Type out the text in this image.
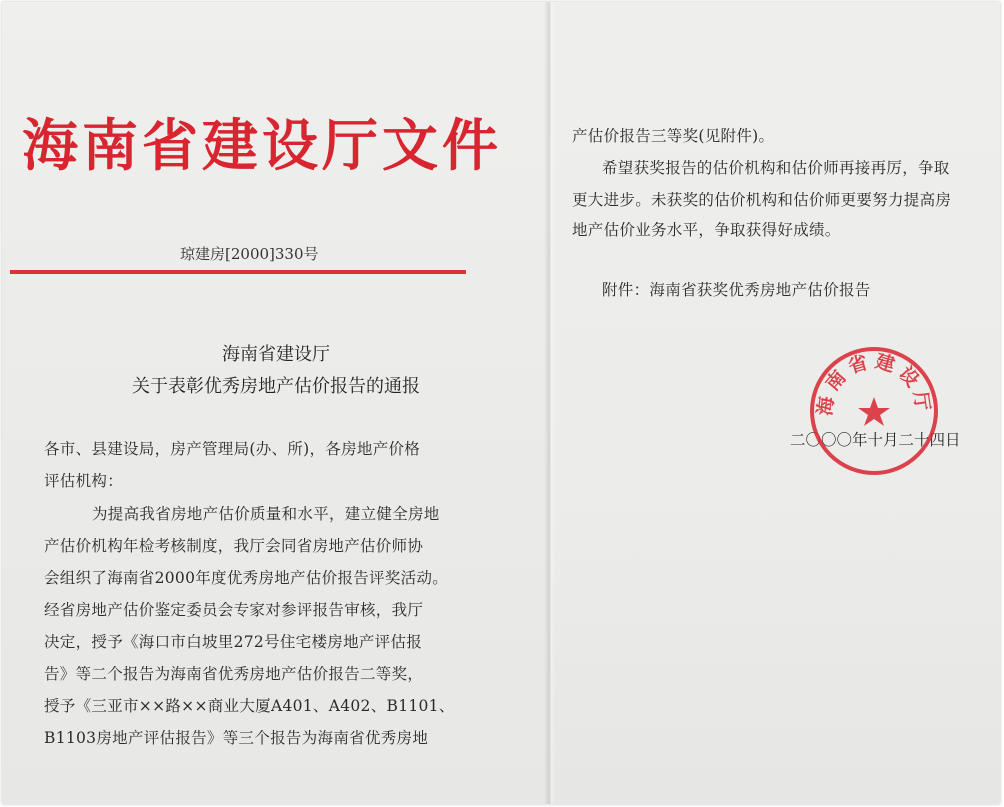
海南省建设厅文件
琼建房[2000]330号
海南省建设厅
关于表彰优秀房地产估价报告的通报
各市、县建设局，房产管理局(办、所)，各房地产价格
评估机构：
为提高我省房地产估价质量和水平，建立健全房地
产估价机构年检考核制度，我厅会同省房地产估价师协
会组织了海南省2000年度优秀房地产估价报告评奖活动。
经省房地产估价鉴定委员会专家对参评报告审核，我厅
决定，授予《海口市白坡里272号住宅楼房地产评估报
告》等二个报告为海南省优秀房地产估价报告二等奖，
授予《三亚市××路××商业大厦A401、A402、B1101、
B1103房地产评估报告》等三个报告为海南省优秀房地
产估价报告三等奖(见附件)。
希望获奖报告的估价机构和估价师再接再厉，争取
更大进步。未获奖的估价机构和估价师更要努力提高房
地产估价业务水平，争取获得好成绩。
附件：海南省获奖优秀房地产估价报告
二〇〇〇年十月二十四日
海南省建设厅
